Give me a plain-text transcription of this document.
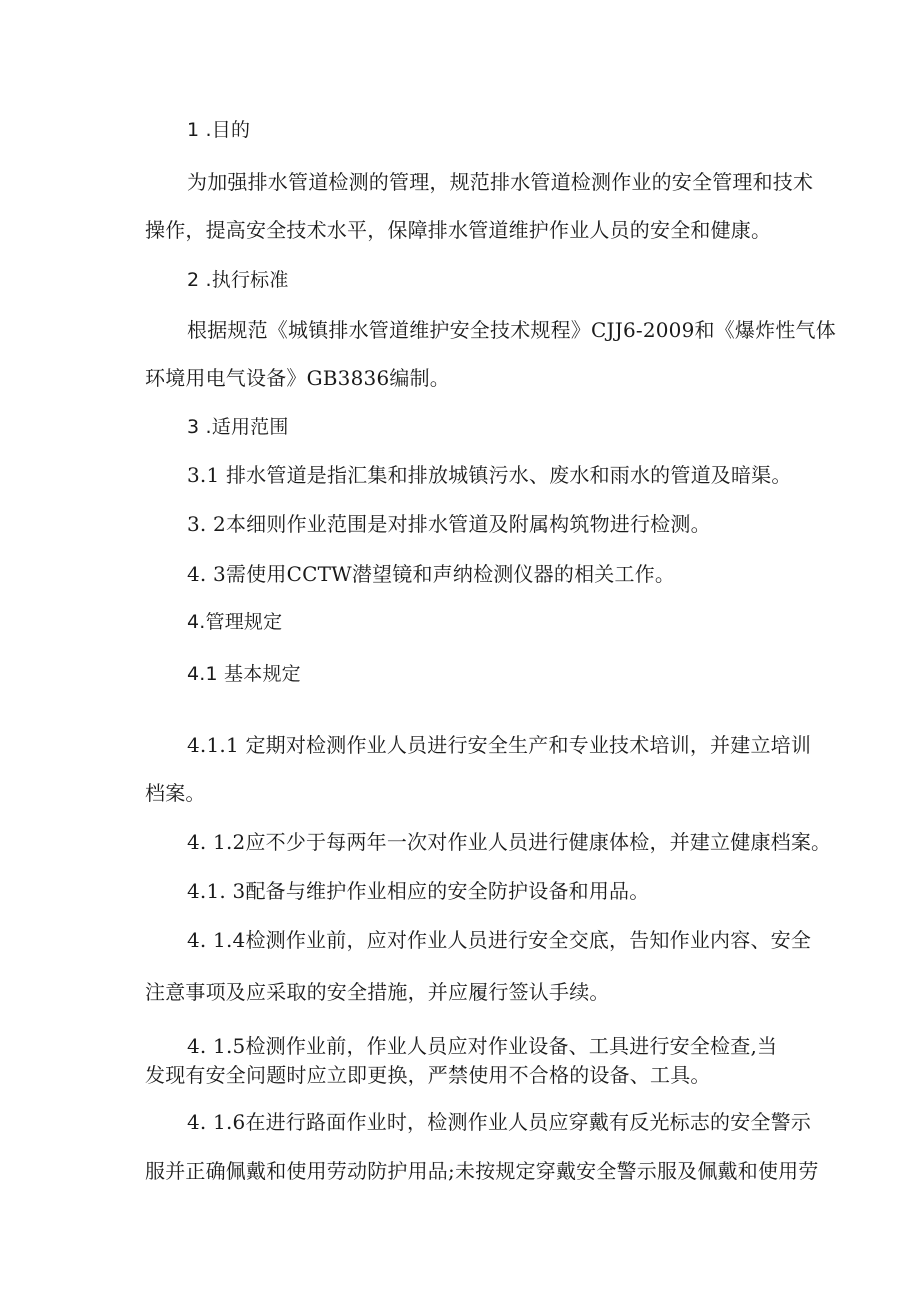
1 .目的
为加强排水管道检测的管理，规范排水管道检测作业的安全管理和技术
操作，提高安全技术水平，保障排水管道维护作业人员的安全和健康。
2 .执行标准
根据规范《城镇排水管道维护安全技术规程》CJJ6-2009和《爆炸性气体
环境用电气设备》GB3836编制。
3 .适用范围
3.1 排水管道是指汇集和排放城镇污水、废水和雨水的管道及暗渠。
3. 2本细则作业范围是对排水管道及附属构筑物进行检测。
4. 3需使用CCTW潜望镜和声纳检测仪器的相关工作。
4.管理规定
4.1 基本规定
4.1.1 定期对检测作业人员进行安全生产和专业技术培训，并建立培训
档案。
4. 1.2应不少于每两年一次对作业人员进行健康体检，并建立健康档案。
4.1. 3配备与维护作业相应的安全防护设备和用品。
4. 1.4检测作业前，应对作业人员进行安全交底，告知作业内容、安全
注意事项及应采取的安全措施，并应履行签认手续。
4. 1.5检测作业前，作业人员应对作业设备、工具进行安全检查,当
发现有安全问题时应立即更换，严禁使用不合格的设备、工具。
4. 1.6在进行路面作业时，检测作业人员应穿戴有反光标志的安全警示
服并正确佩戴和使用劳动防护用品;未按规定穿戴安全警示服及佩戴和使用劳
